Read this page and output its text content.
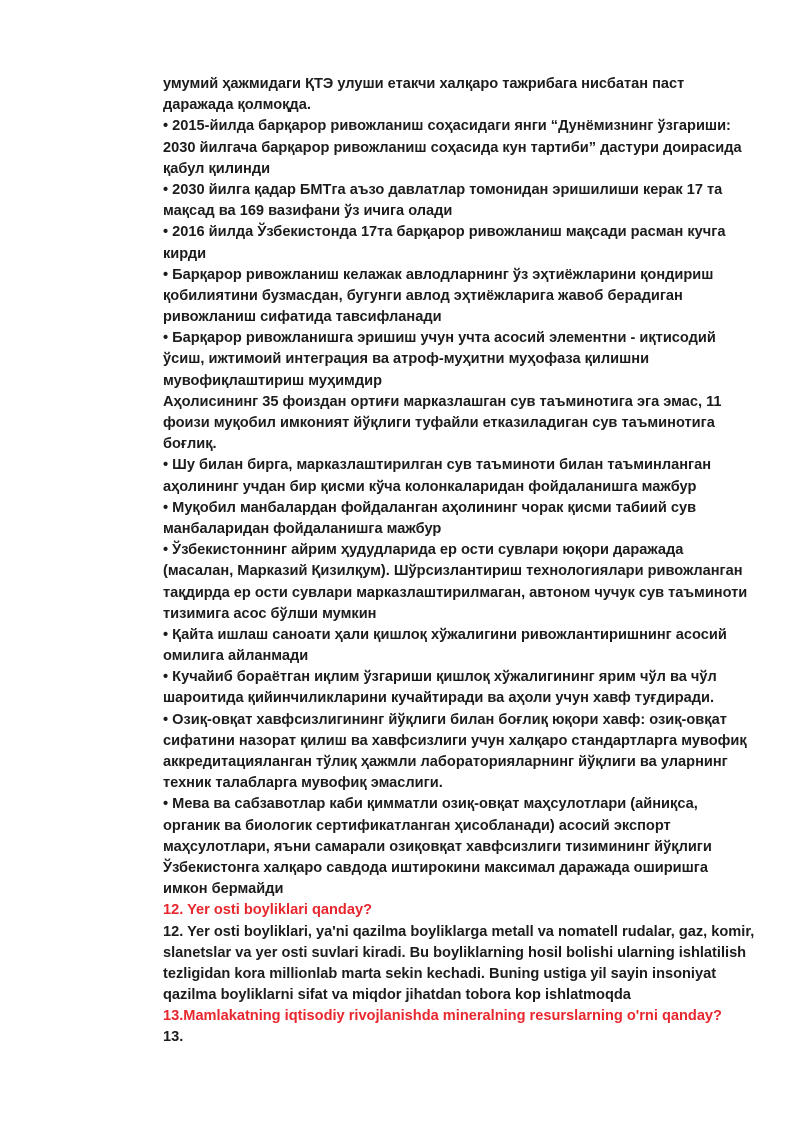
умумий ҳажмидаги ҚТЭ улуши етакчи халқаро тажрибага нисбатан паст
даражада қолмоқда.
• 2015-йилда барқарор ривожланиш соҳасидаги янги “Дунёмизнинг ўзгариши:
2030 йилгача барқарор ривожланиш соҳасида кун тартиби” дастури доирасида
қабул қилинди
• 2030 йилга қадар БМТга аъзо давлатлар томонидан эришилиши керак 17 та
мақсад ва 169 вазифани ўз ичига олади
• 2016 йилда Ўзбекистонда 17та барқарор ривожланиш мақсади расман кучга
кирди
• Барқарор ривожланиш келажак авлодларнинг ўз эҳтиёжларини қондириш
қобилиятини бузмасдан, бугунги авлод эҳтиёжларига жавоб берадиган
ривожланиш сифатида тавсифланади
• Барқарор ривожланишга эришиш учун учта асосий элементни - иқтисодий
ўсиш, ижтимоий интеграция ва атроф-муҳитни муҳофаза қилишни
мувофиқлаштириш муҳимдир
Аҳолисининг 35 фоиздан ортиғи марказлашган сув таъминотига эга эмас, 11
фоизи муқобил имконият йўқлиги туфайли етказиладиган сув таъминотига
боғлиқ.
• Шу билан бирга, марказлаштирилган сув таъминоти билан таъминланган
аҳолининг учдан бир қисми кўча колонкаларидан фойдаланишга мажбур
• Муқобил манбалардан фойдаланган аҳолининг чорак қисми табиий сув
манбаларидан фойдаланишга мажбур
• Ўзбекистоннинг айрим ҳудудларида ер ости сувлари юқори даражада
(масалан, Марказий Қизилқум). Шўрсизлантириш технологиялари ривожланган
тақдирда ер ости сувлари марказлаштирилмаган, автоном чучук сув таъминоти
тизимига асос бўлши мумкин
• Қайта ишлаш саноати ҳали қишлоқ хўжалигини ривожлантиришнинг асосий
омилига айланмади
• Кучайиб бораётган иқлим ўзгариши қишлоқ хўжалигининг ярим чўл ва чўл
шароитида қийинчиликларини кучайтиради ва аҳоли учун хавф туғдиради.
• Озиқ-овқат хавфсизлигининг йўқлиги билан боғлиқ юқори хавф: озиқ-овқат
сифатини назорат қилиш ва хавфсизлиги учун халқаро стандартларга мувофиқ
аккредитацияланган тўлиқ ҳажмли лабораторияларнинг йўқлиги ва уларнинг
техник талабларга мувофиқ эмаслиги.
• Мева ва сабзавотлар каби қимматли озиқ-овқат маҳсулотлари (айниқса,
органик ва биологик сертификатланган ҳисобланади) асосий экспорт
маҳсулотлари, яъни самарали озиқовқат хавфсизлиги тизимининг йўқлиги
Ўзбекистонга халқаро савдода иштирокини максимал даражада оширишга
имкон бермайди
12. Yer osti boyliklari qanday?
12. Yer osti boyliklari, ya'ni qazilma boyliklarga metall va nomatell rudalar, gaz, komir,
slanetslar va yer osti suvlari kiradi. Bu boyliklarning hosil bolishi ularning ishlatilish
tezligidan kora millionlab marta sekin kechadi. Buning ustiga yil sayin insoniyat
qazilma boyliklarni sifat va miqdor jihatdan tobora kop ishlatmoqda
13.Mamlakatning iqtisodiy rivojlanishda mineralning resurslarning o'rni qanday?
13.
